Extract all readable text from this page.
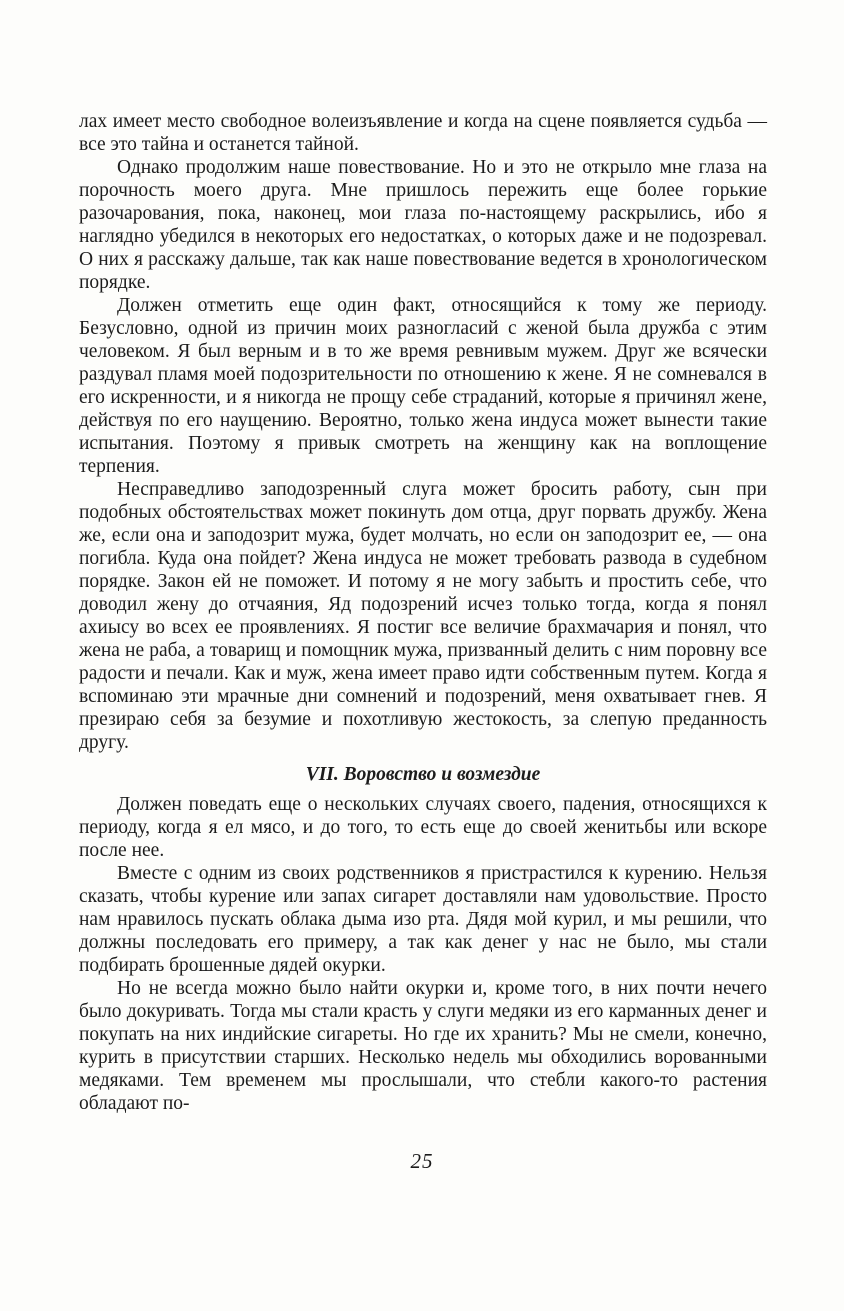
лах имеет место свободное волеизъявление и когда на сцене появляется судьба — все это тайна и останется тайной.

Однако продолжим наше повествование. Но и это не открыло мне глаза на порочность моего друга. Мне пришлось пережить еще более горькие разочарования, пока, наконец, мои глаза по-настоящему раскрылись, ибо я наглядно убедился в некоторых его недостатках, о которых даже и не подозревал. О них я расскажу дальше, так как наше повествование ведется в хронологическом порядке.

Должен отметить еще один факт, относящийся к тому же периоду. Безусловно, одной из причин моих разногласий с женой была дружба с этим человеком. Я был верным и в то же время ревнивым мужем. Друг же всячески раздувал пламя моей подозрительности по отношению к жене. Я не сомневался в его искренности, и я никогда не прощу себе страданий, которые я причинял жене, действуя по его наущению. Вероятно, только жена индуса может вынести такие испытания. Поэтому я привык смотреть на женщину как на воплощение терпения.

Несправедливо заподозренный слуга может бросить работу, сын при подобных обстоятельствах может покинуть дом отца, друг порвать дружбу. Жена же, если она и заподозрит мужа, будет молчать, но если он заподозрит ее, — она погибла. Куда она пойдет? Жена индуса не может требовать развода в судебном порядке. Закон ей не поможет. И потому я не могу забыть и простить себе, что доводил жену до отчаяния, Яд подозрений исчез только тогда, когда я понял ахиысу во всех ее проявлениях. Я постиг все величие брахмачария и понял, что жена не раба, а товарищ и помощник мужа, призванный делить с ним поровну все радости и печали. Как и муж, жена имеет право идти собственным путем. Когда я вспоминаю эти мрачные дни сомнений и подозрений, меня охватывает гнев. Я презираю себя за безумие и похотливую жестокость, за слепую преданность другу.

VII. Воровство и возмездие

Должен поведать еще о нескольких случаях своего, падения, относящихся к периоду, когда я ел мясо, и до того, то есть еще до своей женитьбы или вскоре после нее.

Вместе с одним из своих родственников я пристрастился к курению. Нельзя сказать, чтобы курение или запах сигарет доставляли нам удовольствие. Просто нам нравилось пускать облака дыма изо рта. Дядя мой курил, и мы решили, что должны последовать его примеру, а так как денег у нас не было, мы стали подбирать брошенные дядей окурки.

Но не всегда можно было найти окурки и, кроме того, в них почти нечего было докуривать. Тогда мы стали красть у слуги медяки из его карманных денег и покупать на них индийские сигареты. Но где их хранить? Мы не смели, конечно, курить в присутствии старших. Несколько недель мы обходились ворованными медяками. Тем временем мы прослышали, что стебли какого-то растения обладают по-

25
